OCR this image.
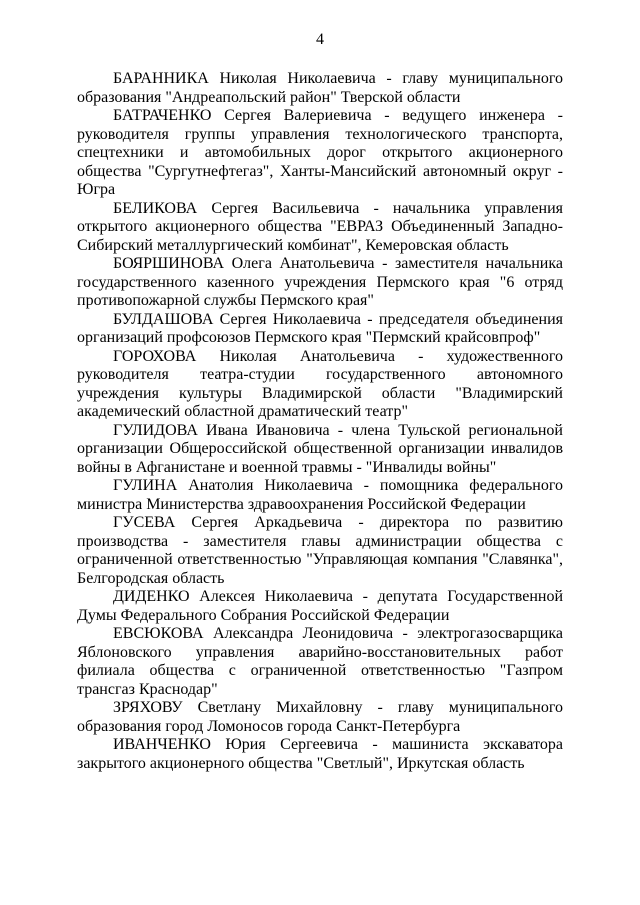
4

БАРАННИКА Николая Николаевича - главу муниципального образования "Андреапольский район" Тверской области

БАТРАЧЕНКО Сергея Валериевича - ведущего инженера - руководителя группы управления технологического транспорта, спецтехники и автомобильных дорог открытого акционерного общества "Сургутнефтегаз", Ханты-Мансийский автономный округ - Югра

БЕЛИКОВА Сергея Васильевича - начальника управления открытого акционерного общества "ЕВРАЗ Объединенный Западно-Сибирский металлургический комбинат", Кемеровская область

БОЯРШИНОВА Олега Анатольевича - заместителя начальника государственного казенного учреждения Пермского края "6 отряд противопожарной службы Пермского края"

БУЛДАШОВА Сергея Николаевича - председателя объединения организаций профсоюзов Пермского края "Пермский крайсовпроф"

ГОРОХОВА Николая Анатольевича - художественного руководителя театра-студии государственного автономного учреждения культуры Владимирской области "Владимирский академический областной драматический театр"

ГУЛИДОВА Ивана Ивановича - члена Тульской региональной организации Общероссийской общественной организации инвалидов войны в Афганистане и военной травмы - "Инвалиды войны"

ГУЛИНА Анатолия Николаевича - помощника федерального министра Министерства здравоохранения Российской Федерации

ГУСЕВА Сергея Аркадьевича - директора по развитию производства - заместителя главы администрации общества с ограниченной ответственностью "Управляющая компания "Славянка", Белгородская область

ДИДЕНКО Алексея Николаевича - депутата Государственной Думы Федерального Собрания Российской Федерации

ЕВСЮКОВА Александра Леонидовича - электрогазосварщика Яблоновского управления аварийно-восстановительных работ филиала общества с ограниченной ответственностью "Газпром трансгаз Краснодар"

ЗРЯХОВУ Светлану Михайловну - главу муниципального образования город Ломоносов города Санкт-Петербурга

ИВАНЧЕНКО Юрия Сергеевича - машиниста экскаватора закрытого акционерного общества "Светлый", Иркутская область
